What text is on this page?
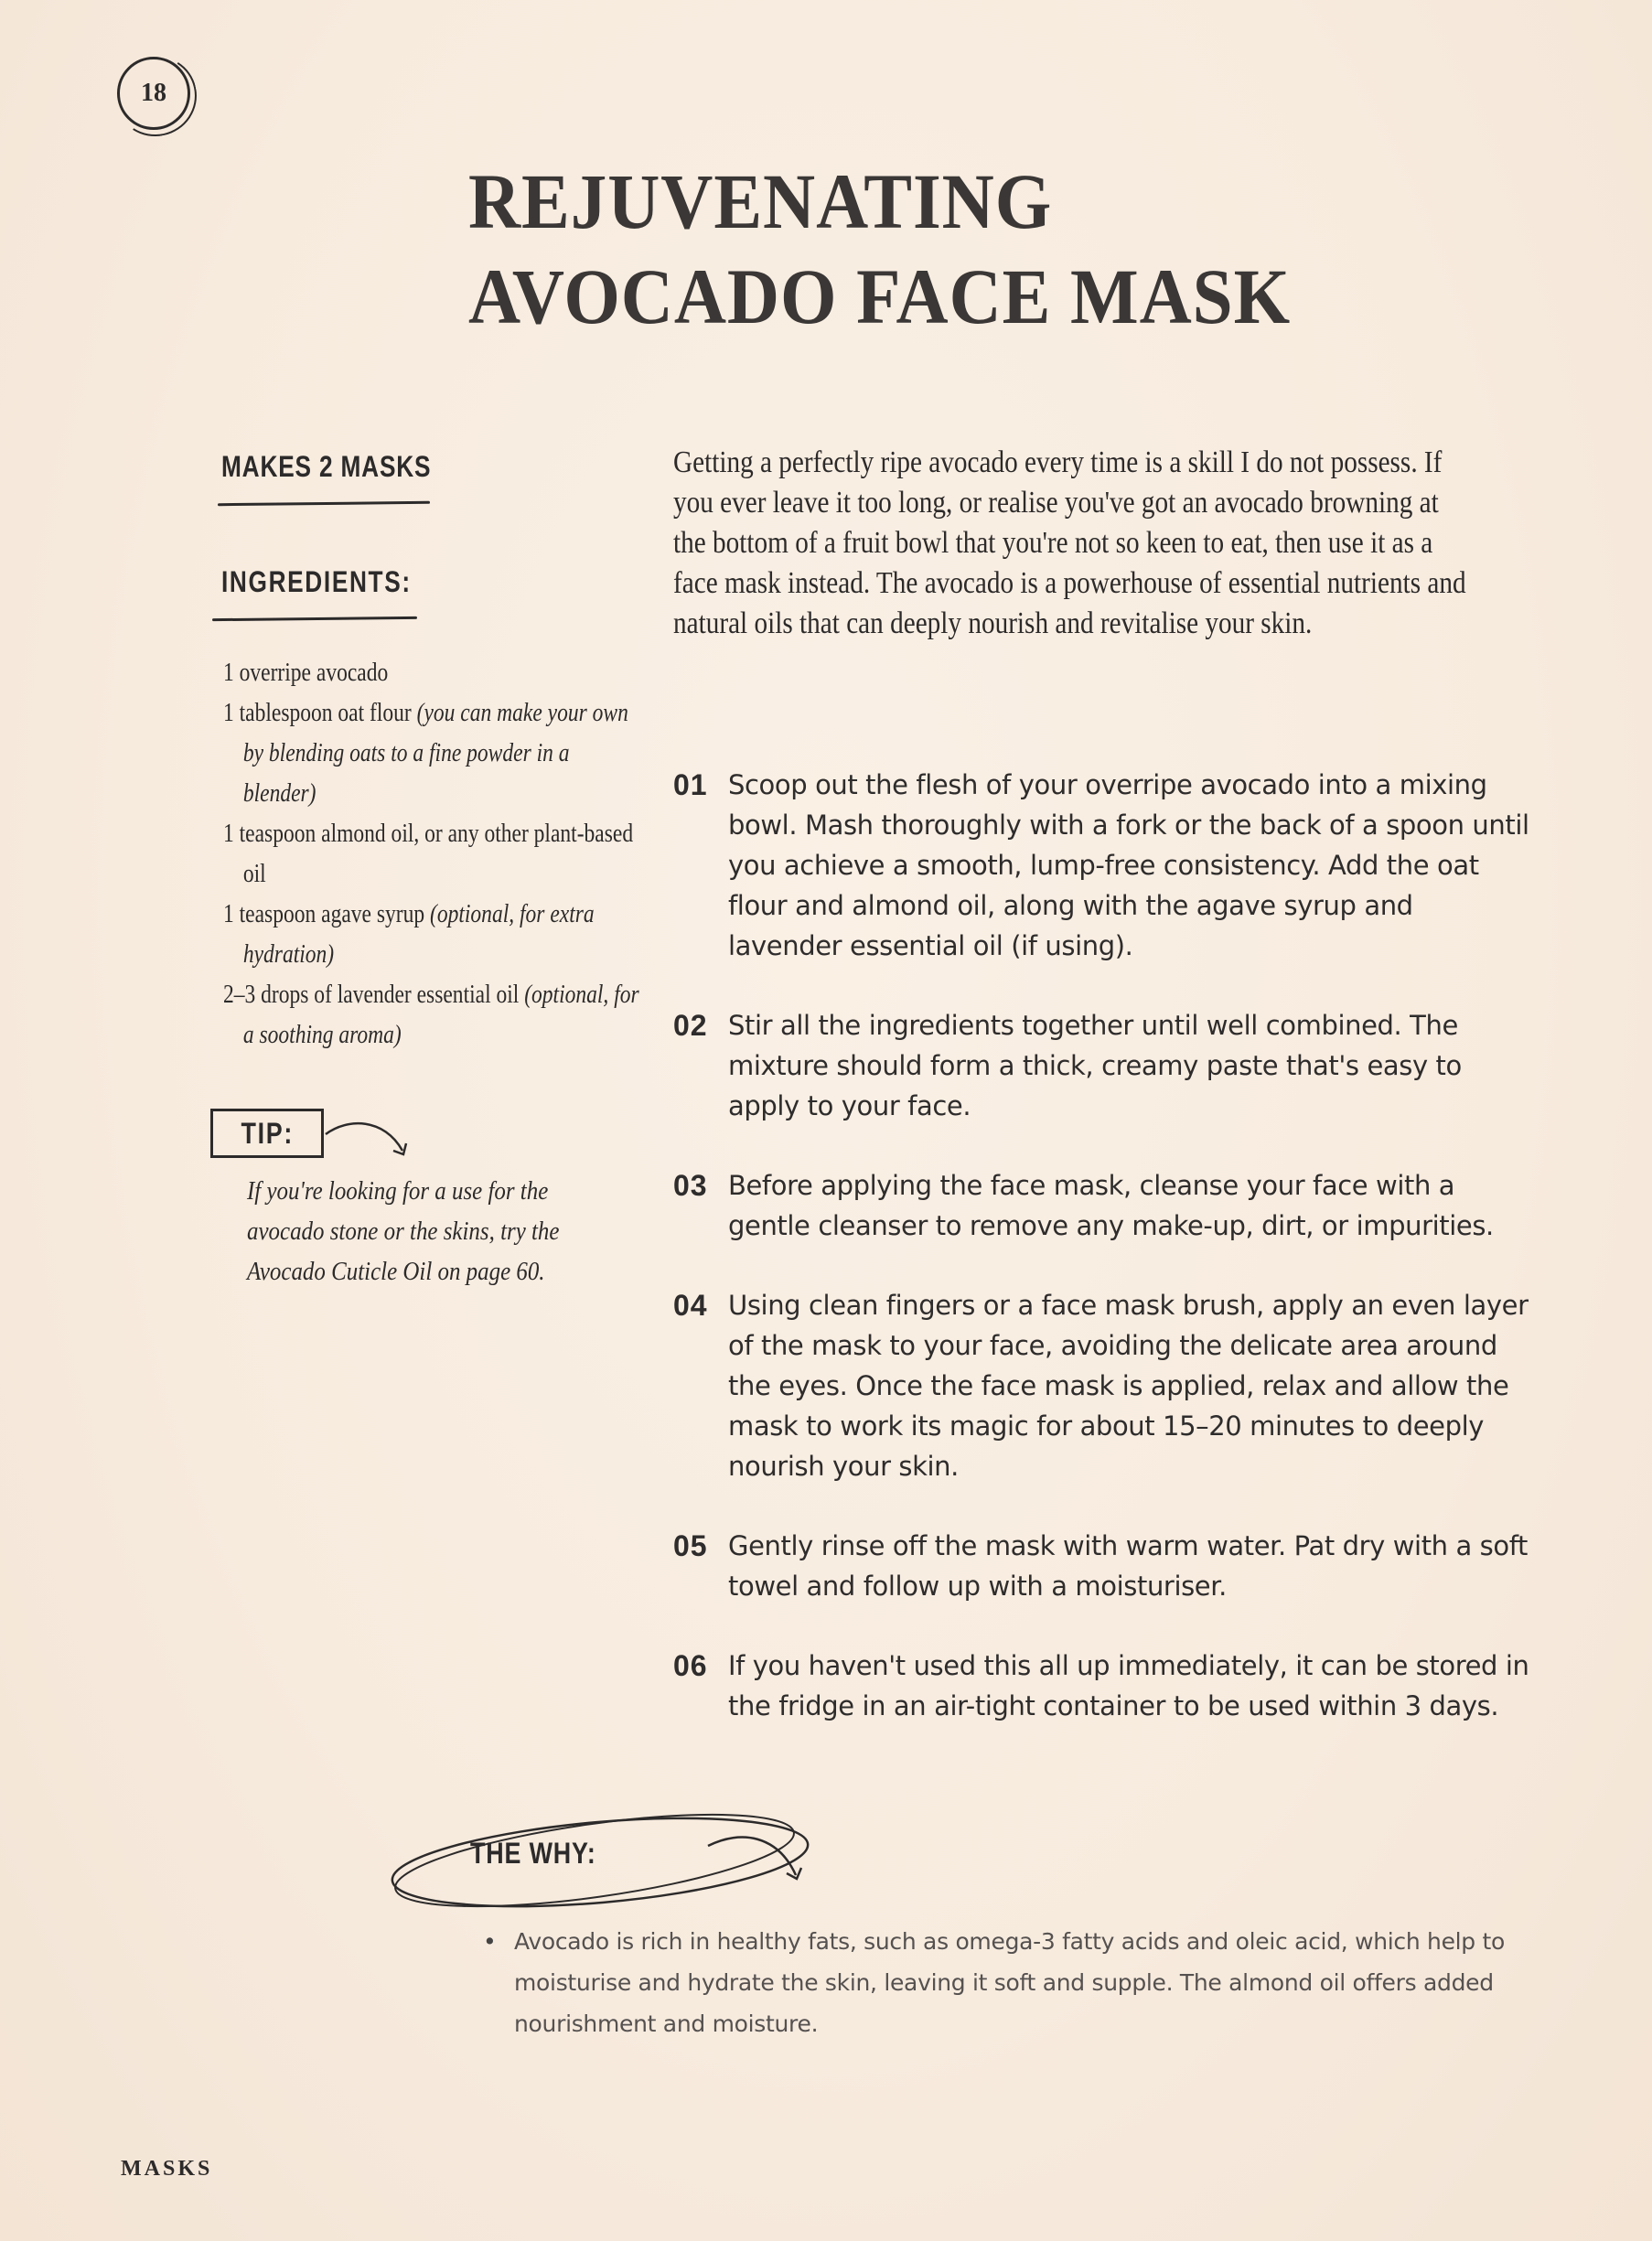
18
REJUVENATING
AVOCADO FACE MASK
MAKES 2 MASKS
INGREDIENTS:
1 overripe avocado
1 tablespoon oat flour (you can make your own by blending oats to a fine powder in a blender)
1 teaspoon almond oil, or any other plant-based oil
1 teaspoon agave syrup (optional, for extra hydration)
2–3 drops of lavender essential oil (optional, for a soothing aroma)
TIP:
If you're looking for a use for the avocado stone or the skins, try the Avocado Cuticle Oil on page 60.

Getting a perfectly ripe avocado every time is a skill I do not possess. If you ever leave it too long, or realise you've got an avocado browning at the bottom of a fruit bowl that you're not so keen to eat, then use it as a face mask instead. The avocado is a powerhouse of essential nutrients and natural oils that can deeply nourish and revitalise your skin.

01 Scoop out the flesh of your overripe avocado into a mixing bowl. Mash thoroughly with a fork or the back of a spoon until you achieve a smooth, lump-free consistency. Add the oat flour and almond oil, along with the agave syrup and lavender essential oil (if using).
02 Stir all the ingredients together until well combined. The mixture should form a thick, creamy paste that's easy to apply to your face.
03 Before applying the face mask, cleanse your face with a gentle cleanser to remove any make-up, dirt, or impurities.
04 Using clean fingers or a face mask brush, apply an even layer of the mask to your face, avoiding the delicate area around the eyes. Once the face mask is applied, relax and allow the mask to work its magic for about 15–20 minutes to deeply nourish your skin.
05 Gently rinse off the mask with warm water. Pat dry with a soft towel and follow up with a moisturiser.
06 If you haven't used this all up immediately, it can be stored in the fridge in an air-tight container to be used within 3 days.
THE WHY:
• Avocado is rich in healthy fats, such as omega-3 fatty acids and oleic acid, which help to moisturise and hydrate the skin, leaving it soft and supple. The almond oil offers added nourishment and moisture.
MASKS
